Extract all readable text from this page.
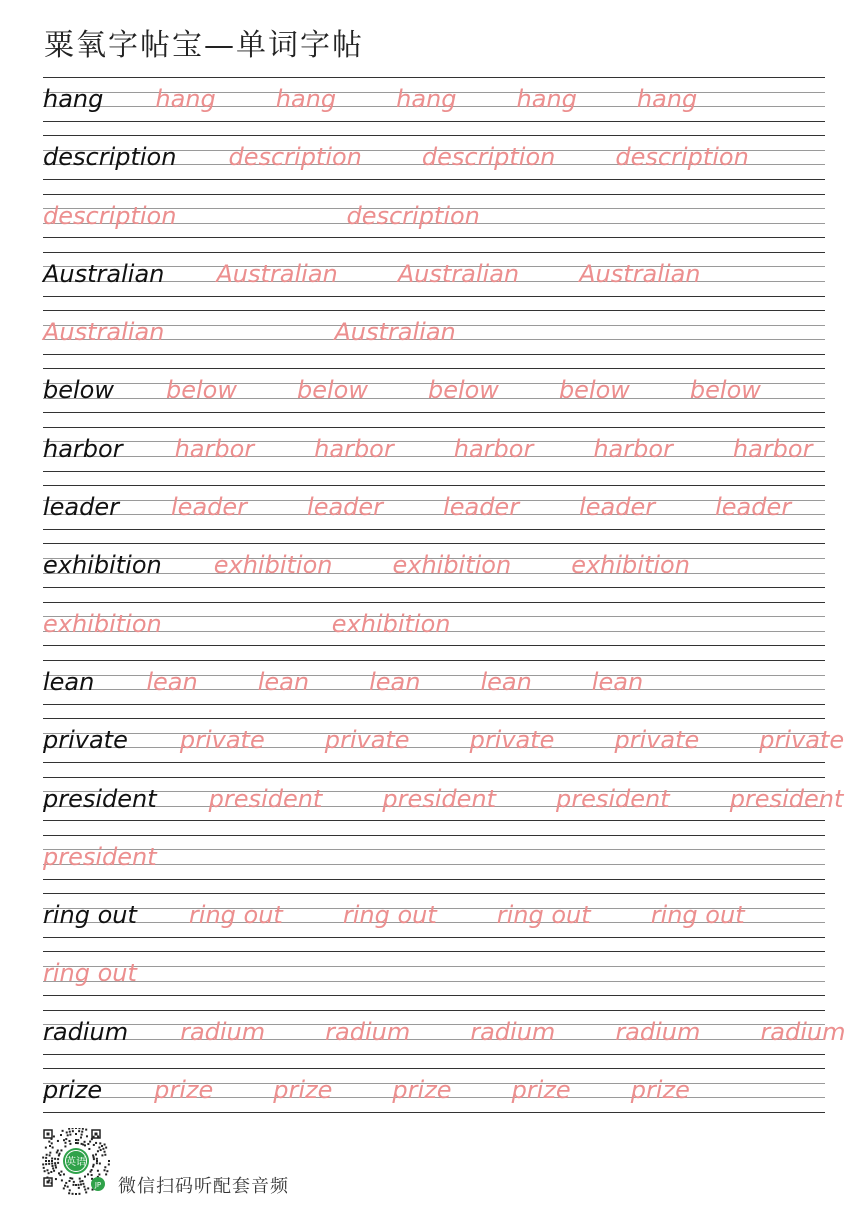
粟氧字帖宝—单词字帖
hang hang	hang	hang	hang	hang
description description	description	description
description	description
Australian Australian	Australian	Australian
Australian	Australian
below below	below	below	below	below
harbor harbor	harbor	harbor	harbor	harbor
leader leader	leader	leader	leader	leader
exhibition exhibition	exhibition	exhibition
exhibition	exhibition
lean lean	lean	lean	lean	lean
private private	private	private	private	private
president president	president	president	president
president
ring out ring out	ring out	ring out	ring out
ring out
radium radium	radium	radium	radium	radium
prize prize	prize	prize	prize	prize
英语
JP 微信扫码听配套音频
